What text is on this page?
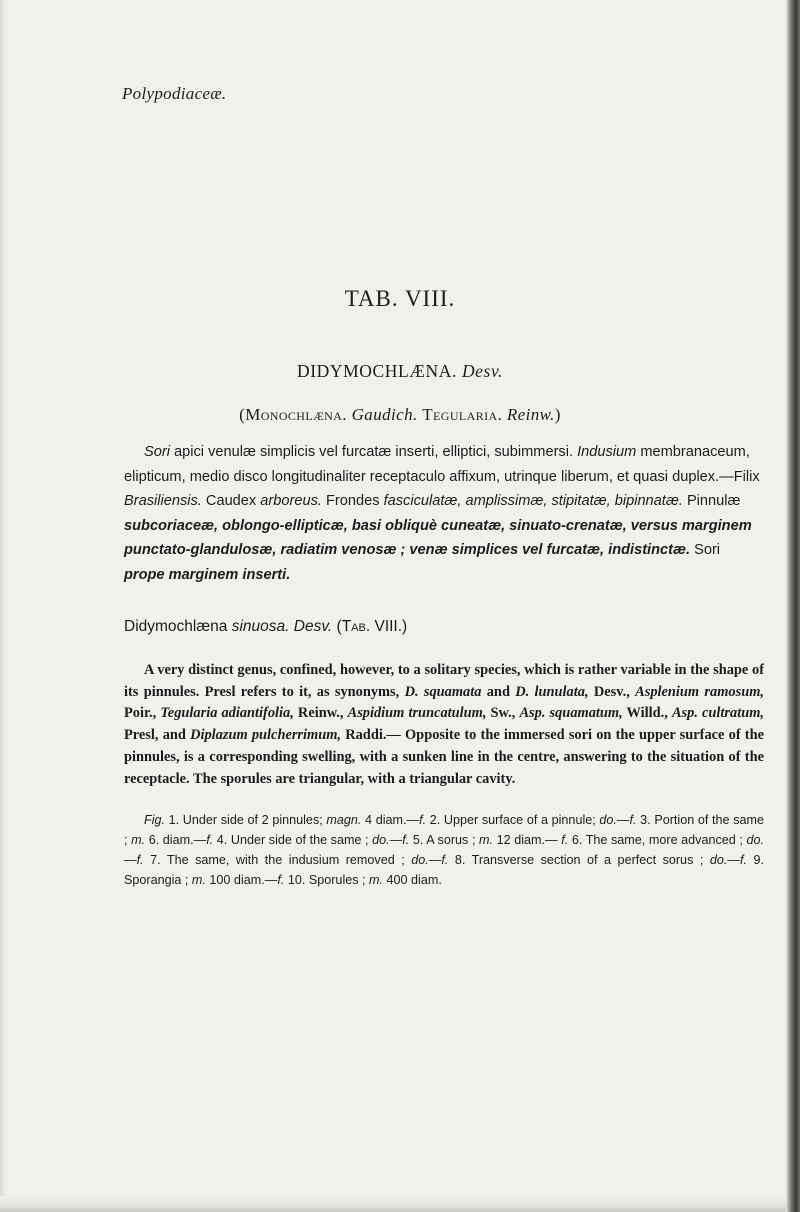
Polypodiaceæ.
TAB. VIII.
DIDYMOCHLÆNA. Desv.
(Monochlæna. Gaudich. Tegularia. Reinw.)
Sori apici venulæ simplicis vel furcatæ inserti, elliptici, subimmersi. Indusium membranaceum, elipticum, medio disco longitudinaliter receptaculo affixum, utrinque liberum, et quasi duplex.—Filix Brasiliensis. Caudex arboreus. Frondes fasciculatæ, amplissimæ, stipitatæ, bipinnatæ. Pinnulæ subcoriaceæ, oblongo-ellipticæ, basi obliquè cuneatæ, sinuato-crenatæ, versus marginem punctato-glandulosæ, radiatim venosæ ; venæ simplices vel furcatæ, indistinctæ. Sori prope marginem inserti.
Didymochlæna sinuosa. Desv. (Tab. VIII.)
A very distinct genus, confined, however, to a solitary species, which is rather variable in the shape of its pinnules. Presl refers to it, as synonyms, D. squamata and D. lunulata, Desv., Asplenium ramosum, Poir., Tegularia adiantifolia, Reinw., Aspidium truncatulum, Sw., Asp. squamatum, Willd., Asp. cultratum, Presl, and Diplazum pulcherrimum, Raddi.— Opposite to the immersed sori on the upper surface of the pinnules, is a corresponding swelling, with a sunken line in the centre, answering to the situation of the receptacle. The sporules are triangular, with a triangular cavity.
Fig. 1. Under side of 2 pinnules; magn. 4 diam.—f. 2. Upper surface of a pinnule; do.—f. 3. Portion of the same ; m. 6. diam.—f. 4. Under side of the same ; do.—f. 5. A sorus ; m. 12 diam.— f. 6. The same, more advanced ; do.—f. 7. The same, with the indusium removed ; do.—f. 8. Transverse section of a perfect sorus ; do.—f. 9. Sporangia ; m. 100 diam.—f. 10. Sporules ; m. 400 diam.
